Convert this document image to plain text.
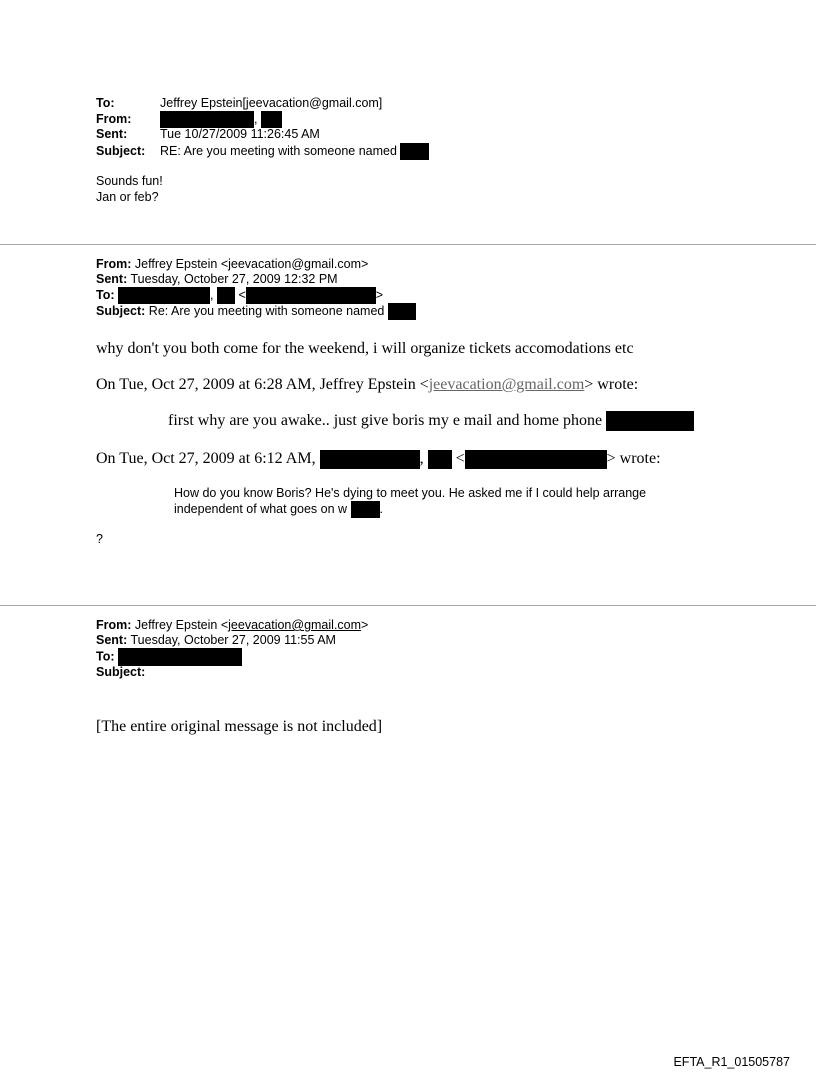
To:	Jeffrey Epstein[jeevacation@gmail.com]
From:	,
Sent:	Tue 10/27/2009 11:26:45 AM
Subject: RE: Are you meeting with someone named
Sounds fun!
Jan or feb?
From: Jeffrey Epstein <jeevacation@gmail.com>
Sent: Tuesday, October 27, 2009 12:32 PM
To:	, <	>
Subject: Re: Are you meeting with someone named
why don't you both come for the weekend, i will organize tickets accomodations etc
On Tue, Oct 27, 2009 at 6:28 AM, Jeffrey Epstein <jeevacation@gmail.com> wrote:
first why are you awake.. just give boris my e mail and home phone
On Tue, Oct 27, 2009 at 6:12 AM,	, <	> wrote:
How do you know Boris? He's dying to meet you. He asked me if I could help arrange
independent of what goes on w	.
?
From: Jeffrey Epstein <jeevacation@gmail.com>
Sent: Tuesday, October 27, 2009 11:55 AM
To:
Subject:
[The entire original message is not included]
EFTA_R1_01505787
